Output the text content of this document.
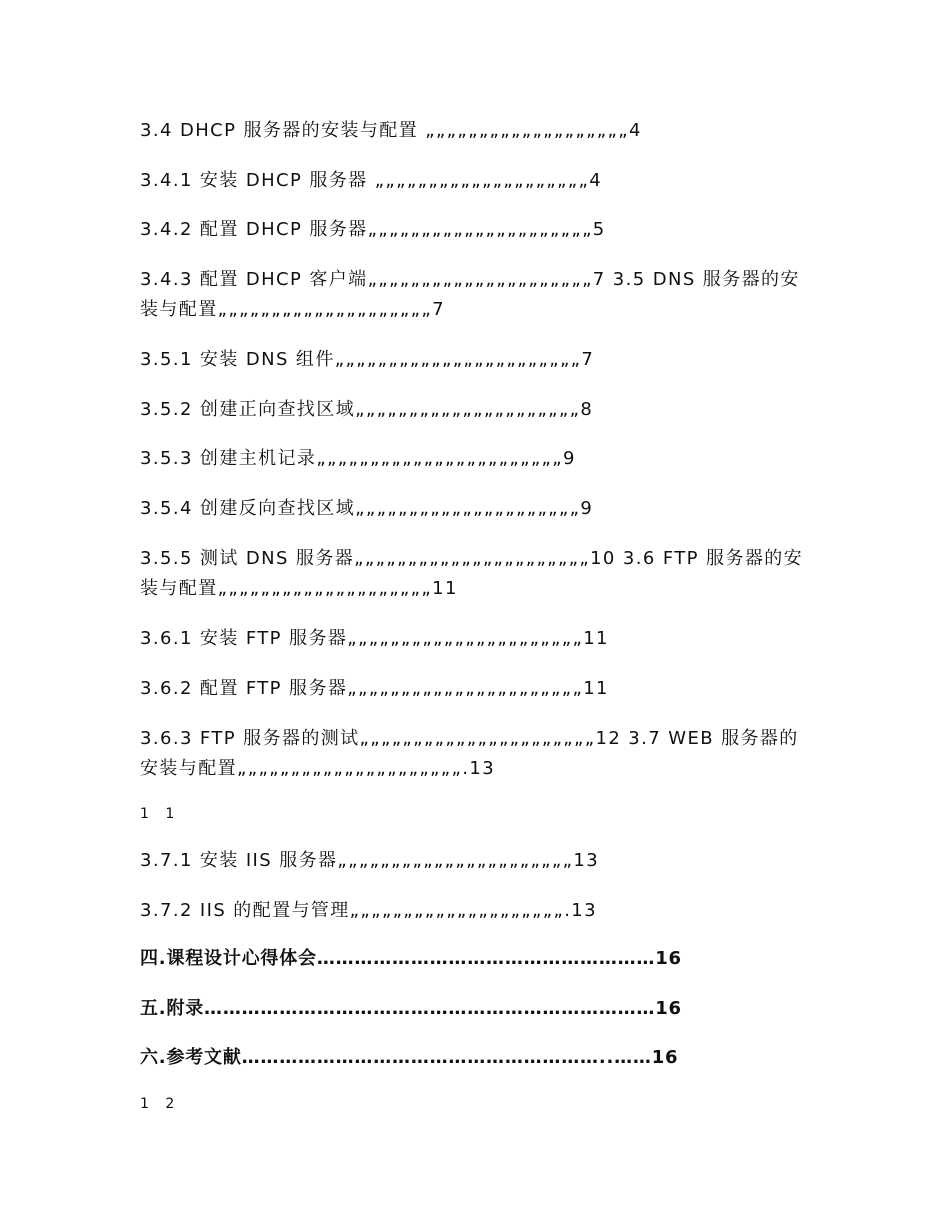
3.4 DHCP 服务器的安装与配置 „„„„„„„„„„„„„„„„„„„4
3.4.1 安装 DHCP 服务器 „„„„„„„„„„„„„„„„„„„„4
3.4.2 配置 DHCP 服务器„„„„„„„„„„„„„„„„„„„„„5
3.4.3 配置 DHCP 客户端„„„„„„„„„„„„„„„„„„„„„7 3.5 DNS 服务器的安装与配置„„„„„„„„„„„„„„„„„„„„7
3.5.1 安装 DNS 组件„„„„„„„„„„„„„„„„„„„„„„„7
3.5.2 创建正向查找区域„„„„„„„„„„„„„„„„„„„„„8
3.5.3 创建主机记录„„„„„„„„„„„„„„„„„„„„„„„9
3.5.4 创建反向查找区域„„„„„„„„„„„„„„„„„„„„„9
3.5.5 测试 DNS 服务器„„„„„„„„„„„„„„„„„„„„„„10 3.6 FTP 服务器的安装与配置„„„„„„„„„„„„„„„„„„„„11
3.6.1 安装 FTP 服务器„„„„„„„„„„„„„„„„„„„„„„11
3.6.2 配置 FTP 服务器„„„„„„„„„„„„„„„„„„„„„„11
3.6.3 FTP 服务器的测试„„„„„„„„„„„„„„„„„„„„„„12 3.7 WEB 服务器的安装与配置„„„„„„„„„„„„„„„„„„„„„.13
1 1
3.7.1 安装 IIS 服务器„„„„„„„„„„„„„„„„„„„„„„13
3.7.2 IIS 的配置与管理„„„„„„„„„„„„„„„„„„„„.13
四.课程设计心得体会………………………………………………16
五.附录………………………………………………………………16
六.参考文献…………………………………………………..……16
1 2
